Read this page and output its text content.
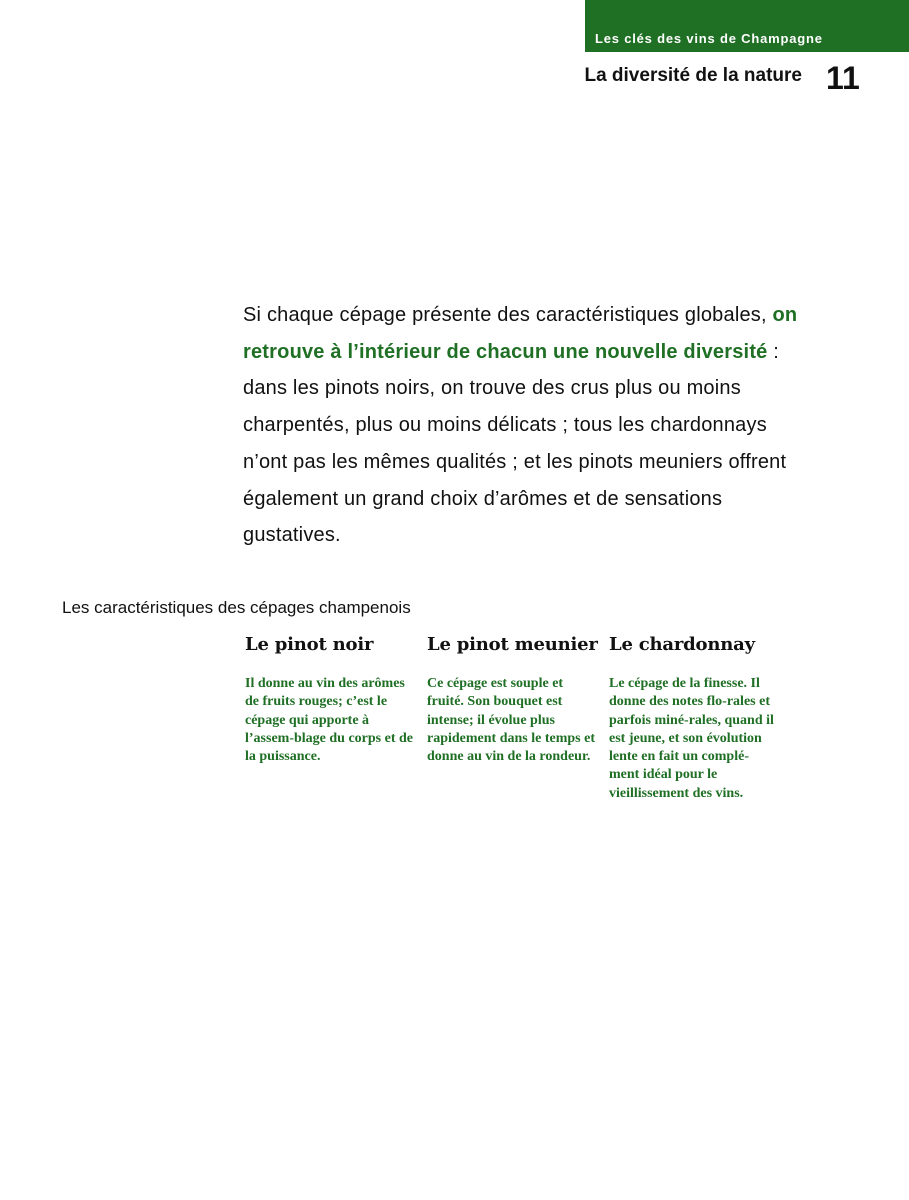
Les clés des vins de Champagne
La diversité de la nature 11

Si chaque cépage présente des caractéristiques globales, on retrouve à l’intérieur de chacun une nouvelle diversité : dans les pinots noirs, on trouve des crus plus ou moins charpentés, plus ou moins délicats ; tous les chardonnays n’ont pas les mêmes qualités ; et les pinots meuniers offrent également un grand choix d’arômes et de sensations gustatives.

Les caractéristiques des cépages champenois
Le pinot noir

Il donne au vin des arômes de fruits rouges; c’est le cépage qui apporte à l’assem-blage du corps et de la puissance.

Le pinot meunier

Ce cépage est souple et fruité. Son bouquet est intense; il évolue plus rapidement dans le temps et donne au vin de la rondeur.

Le chardonnay

Le cépage de la finesse. Il donne des notes flo-rales et parfois miné-rales, quand il est jeune, et son évolution lente en fait un complé-ment idéal pour le vieillissement des vins.
